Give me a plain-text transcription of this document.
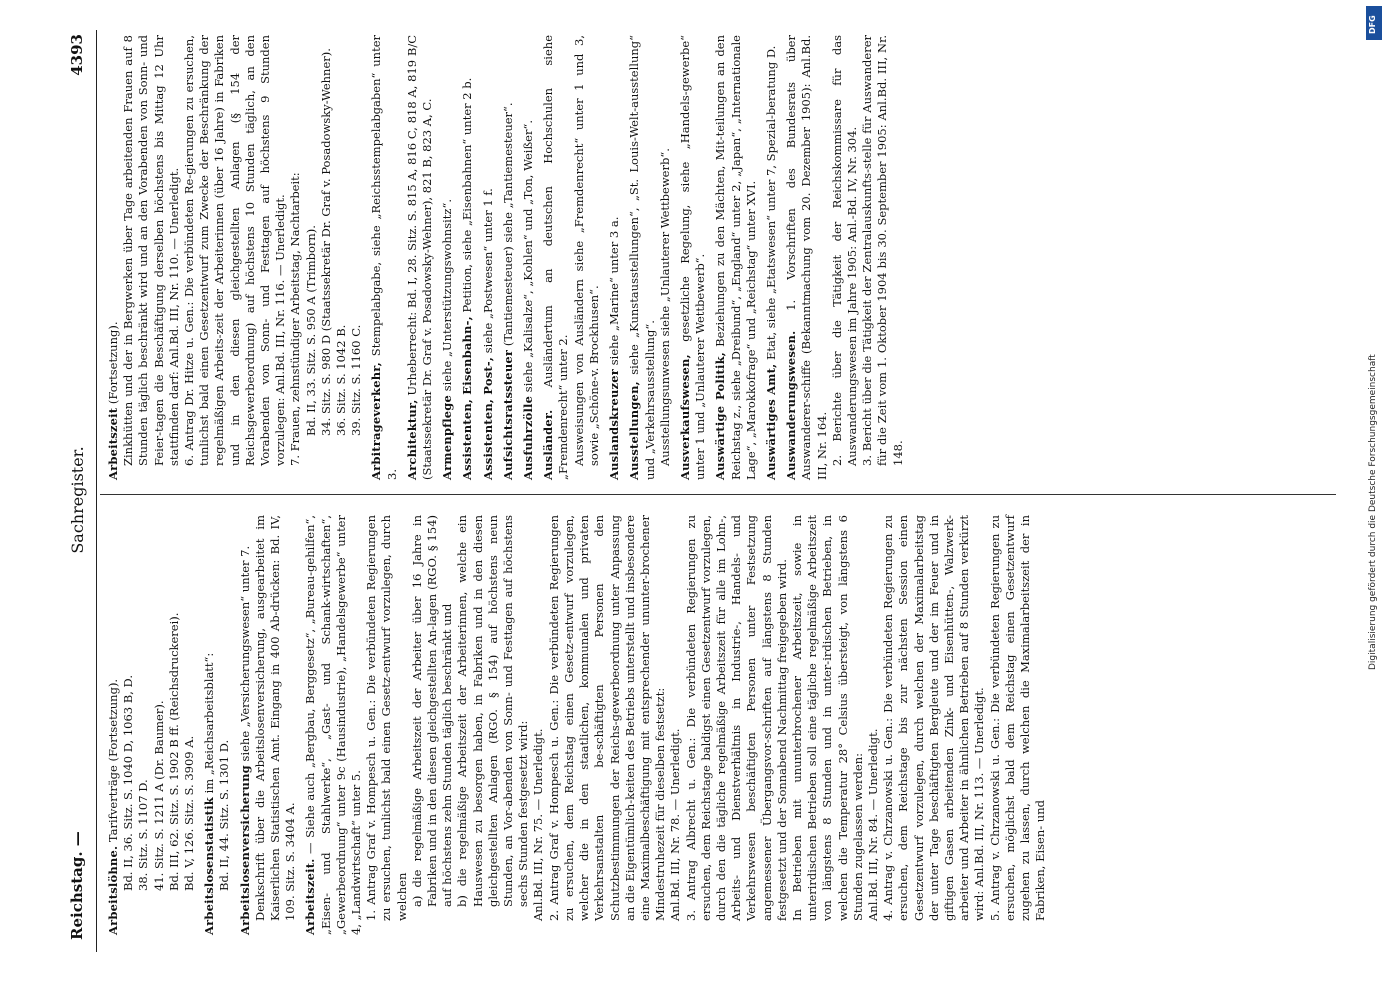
Reichstag. —
Sachregister.
4393
Arbeitslöhne. Tarifverträge (Fortsetzung). Bd. II, 36. Sitz. S. 1040 D, 1063 B, D. 38. Sitz. S. 1107 D. 41. Sitz. S. 1211 A (Dr. Baumer). Bd. III, 62. Sitz. S. 1902 B ff. (Reichsdruckerei). Bd. V, 126. Sitz. S. 3909 A. Arbeitslosenstatistik im „Reichsarbeitsblatt“:
Bd. II, 44. Sitz. S. 1301 D. Arbeitslosenversicherung siehe „Versicherungswesen“ unter 7. Denkschrift über die Arbeitslosenversicherung, ausgearbeitet im Kaiserlichen Statistischen Amt. Eingang in 400 Ab-drücken: Bd. IV, 109. Sitz. S. 3404 A. Arbeitszeit. — Siehe auch „Bergbau, Berggesetz“, „Bureau-gehilfen“, „Eisen- und Stahlwerke“, „Gast- und Schank-wirtschaften“, „Gewerbeordnung“ unter 9c (Hausindustrie), „Handelsgewerbe“ unter 4, „Landwirtschaft“ unter 5. 1. Antrag Graf v. Hompesch u. Gen.: Die verbündeten Regierungen zu ersuchen, tunlichst bald einen Gesetz-entwurf vorzulegen, durch welchen a) die regelmäßige Arbeitszeit der Arbeiter über 16 Jahre in Fabriken und in den diesen gleichgestellten An-lagen (RGO. § 154) auf höchstens zehn Stunden täglich beschränkt und b) die regelmäßige Arbeitszeit der Arbeiterinnen, welche ein Hauswesen zu besorgen haben, in Fabriken und in den diesen gleichgestellten Anlagen (RGO. § 154) auf höchstens neun Stunden, an Vor-abenden von Sonn- und Festtagen auf höchstens sechs Stunden festgesetzt wird: Anl.Bd. III, Nr. 75. — Unerledigt. 2. Antrag Graf v. Hompesch u. Gen.: Die verbündeten Regierungen zu ersuchen, dem Reichstag einen Gesetz-entwurf vorzulegen, welcher die in den staatlichen, kommunalen und privaten Verkehrsanstalten be-schäftigten Personen den Schutzbestimmungen der Reichs-gewerbeordnung unter Anpassung an die Eigentümlich-keiten des Betriebs unterstellt und insbesondere eine Maximalbeschäftigung mit entsprechender ununter-brochener Mindestruhezeit für dieselben festsetzt: Anl.Bd. III, Nr. 78. — Unerledigt. 3. Antrag Albrecht u. Gen.: Die verbündeten Regierungen zu ersuchen, dem Reichstage baldigst einen Gesetzentwurf vorzulegen, durch den die tägliche regelmäßige Arbeitszeit für alle im Lohn-, Arbeits- und Dienstverhältnis in Industrie-, Handels- und Verkehrswesen beschäftigten Personen unter Festsetzung angemessener Übergangsvor-schriften auf längstens 8 Stunden festgesetzt und der Sonnabend Nachmittag freigegeben wird. In Betrieben mit ununterbrochener Arbeitszeit, sowie in unterirdischen Betrieben soll eine tägliche regelmäßige Arbeitszeit von längstens 8 Stunden und in unter-irdischen Betrieben, in welchen die Temperatur 28° Celsius übersteigt, von längstens 6 Stunden zugelassen werden: Anl.Bd. III, Nr. 84. — Unerledigt. 4. Antrag v. Chrzanowski u. Gen.: Die verbündeten Regierungen zu ersuchen, dem Reichstage bis zur nächsten Session einen Gesetzentwurf vorzulegen, durch welchen der Maximalarbeitstag der unter Tage beschäftigten Bergleute und der im Feuer und in giftigen Gasen arbeitenden Zink- und Eisenhütten-, Walzwerk-arbeiter und Arbeiter in ähnlichen Betrieben auf 8 Stunden verkürzt wird: Anl.Bd. III, Nr. 113. — Unerledigt. 5. Antrag v. Chrzanowski u. Gen.: Die verbündeten Regierungen zu ersuchen, möglichst bald dem Reichstag einen Gesetzentwurf zugehen zu lassen, durch welchen die Maximalarbeitszeit der in Fabriken, Eisen- und
Arbeitszeit (Fortsetzung). Zinkhütten und der in Bergwerken über Tage arbeitenden Frauen auf 8 Stunden täglich beschränkt wird und an den Vorabenden von Sonn- und Feier-tagen die Beschäftigung derselben höchstens bis Mittag 12 Uhr stattfinden darf: Anl.Bd. III, Nr. 110. — Unerledigt. 6. Antrag Dr. Hitze u. Gen.: Die verbündeten Re-gierungen zu ersuchen, tunlichst bald einen Gesetzentwurf zum Zwecke der Beschränkung der regelmäßigen Arbeits-zeit der Arbeiterinnen (über 16 Jahre) in Fabriken und in den diesen gleichgestellten Anlagen (§ 154 der Reichsgewerbeordnung) auf höchstens 10 Stunden täglich, an den Vorabenden von Sonn- und Festtagen auf höchstens 9 Stunden vorzulegen: Anl.Bd. III, Nr. 116. — Unerledigt. 7. Frauen, zehnstündiger Arbeitstag, Nachtarbeit: Bd. II, 33. Sitz. S. 950 A (Trimborn). 34. Sitz. S. 980 D (Staatssekretär Dr. Graf v. Posadowsky-Wehner). 36. Sitz. S. 1042 B. 39. Sitz. S. 1160 C. Arbitrageverkehr, Stempelabgabe, siehe „Reichsstempelabgaben“ unter 3. Architektur, Urheberrecht: Bd. I, 28. Sitz. S. 815 A, 816 C, 818 A, 819 B/C (Staatssekretär Dr. Graf v. Posadowsky-Wehner), 821 B, 823 A, C. Armenpflege siehe „Unterstützungswohnsitz“.
Assistenten, Eisenbahn-, Petition, siehe „Eisenbahnen“ unter 2 b.
Assistenten, Post-, siehe „Postwesen“ unter 1 f.
Aufsichtsratssteuer (Tantiemesteuer) siehe „Tantiemesteuer“.
Ausfuhrzölle siehe „Kalisalze“, „Kohlen“ und „Ton, Weißer“.
Ausländer. Ausländertum an deutschen Hochschulen siehe „Fremdenrecht“ unter 2. Ausweisungen von Ausländern siehe „Fremdenrecht“ unter 1 und 3, sowie „Schöne-v. Brockhusen“. Auslandskreuzer siehe „Marine“ unter 3 a.
Ausstellungen, siehe „Kunstausstellungen“, „St. Louis-Welt-ausstellung“ und „Verkehrsausstellung“. Ausstellungsunwesen siehe „Unlauterer Wettbewerb“. Ausverkaufswesen, gesetzliche Regelung, siehe „Handels-gewerbe“ unter 1 und „Unlauterer Wettbewerb“. Auswärtige Politik, Beziehungen zu den Mächten, Mit-teilungen an den Reichstag z., siehe „Dreibund“, „England“ unter 2, „Japan“, „Internationale Lage“, „Marokkofrage“ und „Reichstag“ unter XVI. Auswärtiges Amt, Etat, siehe „Etatswesen“ unter 7, Spezial-beratung D.
Auswanderungswesen. 1. Vorschriften des Bundesrats über Auswanderer-schiffe (Bekanntmachung vom 20. Dezember 1905): Anl.Bd. III, Nr. 164. 2. Berichte über die Tätigkeit der Reichskommissare für das Auswanderungswesen im Jahre 1905: Anl.-Bd. IV, Nr. 304. 3. Bericht über die Tätigkeit der Zentralauskunfts-stelle für Auswanderer für die Zeit vom 1. Oktober 1904 bis 30. September 1905: Anl.Bd. III, Nr. 148.
DFG
Digitalisierung gefördert durch die Deutsche Forschungsgemeinschaft
